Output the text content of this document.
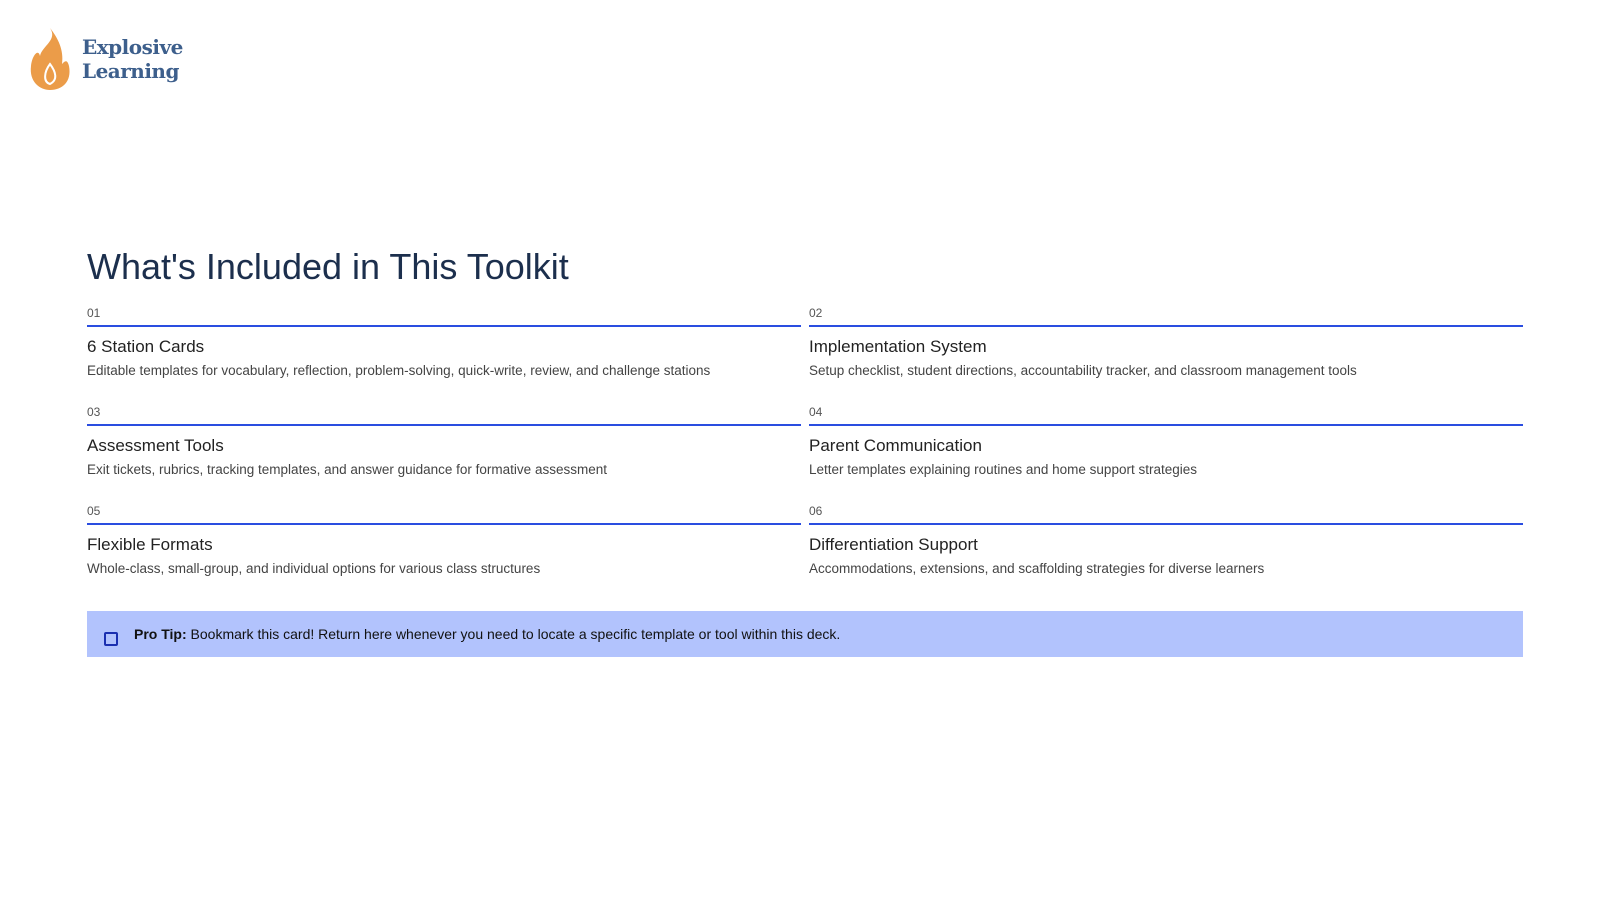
Explosive
Learning
What's Included in This Toolkit
01
6 Station Cards
Editable templates for vocabulary, reflection, problem-solving, quick-write, review, and challenge stations
02
Implementation System
Setup checklist, student directions, accountability tracker, and classroom management tools
03
Assessment Tools
Exit tickets, rubrics, tracking templates, and answer guidance for formative assessment
04
Parent Communication
Letter templates explaining routines and home support strategies
05
Flexible Formats
Whole-class, small-group, and individual options for various class structures
06
Differentiation Support
Accommodations, extensions, and scaffolding strategies for diverse learners
Pro Tip: Bookmark this card! Return here whenever you need to locate a specific template or tool within this deck.
